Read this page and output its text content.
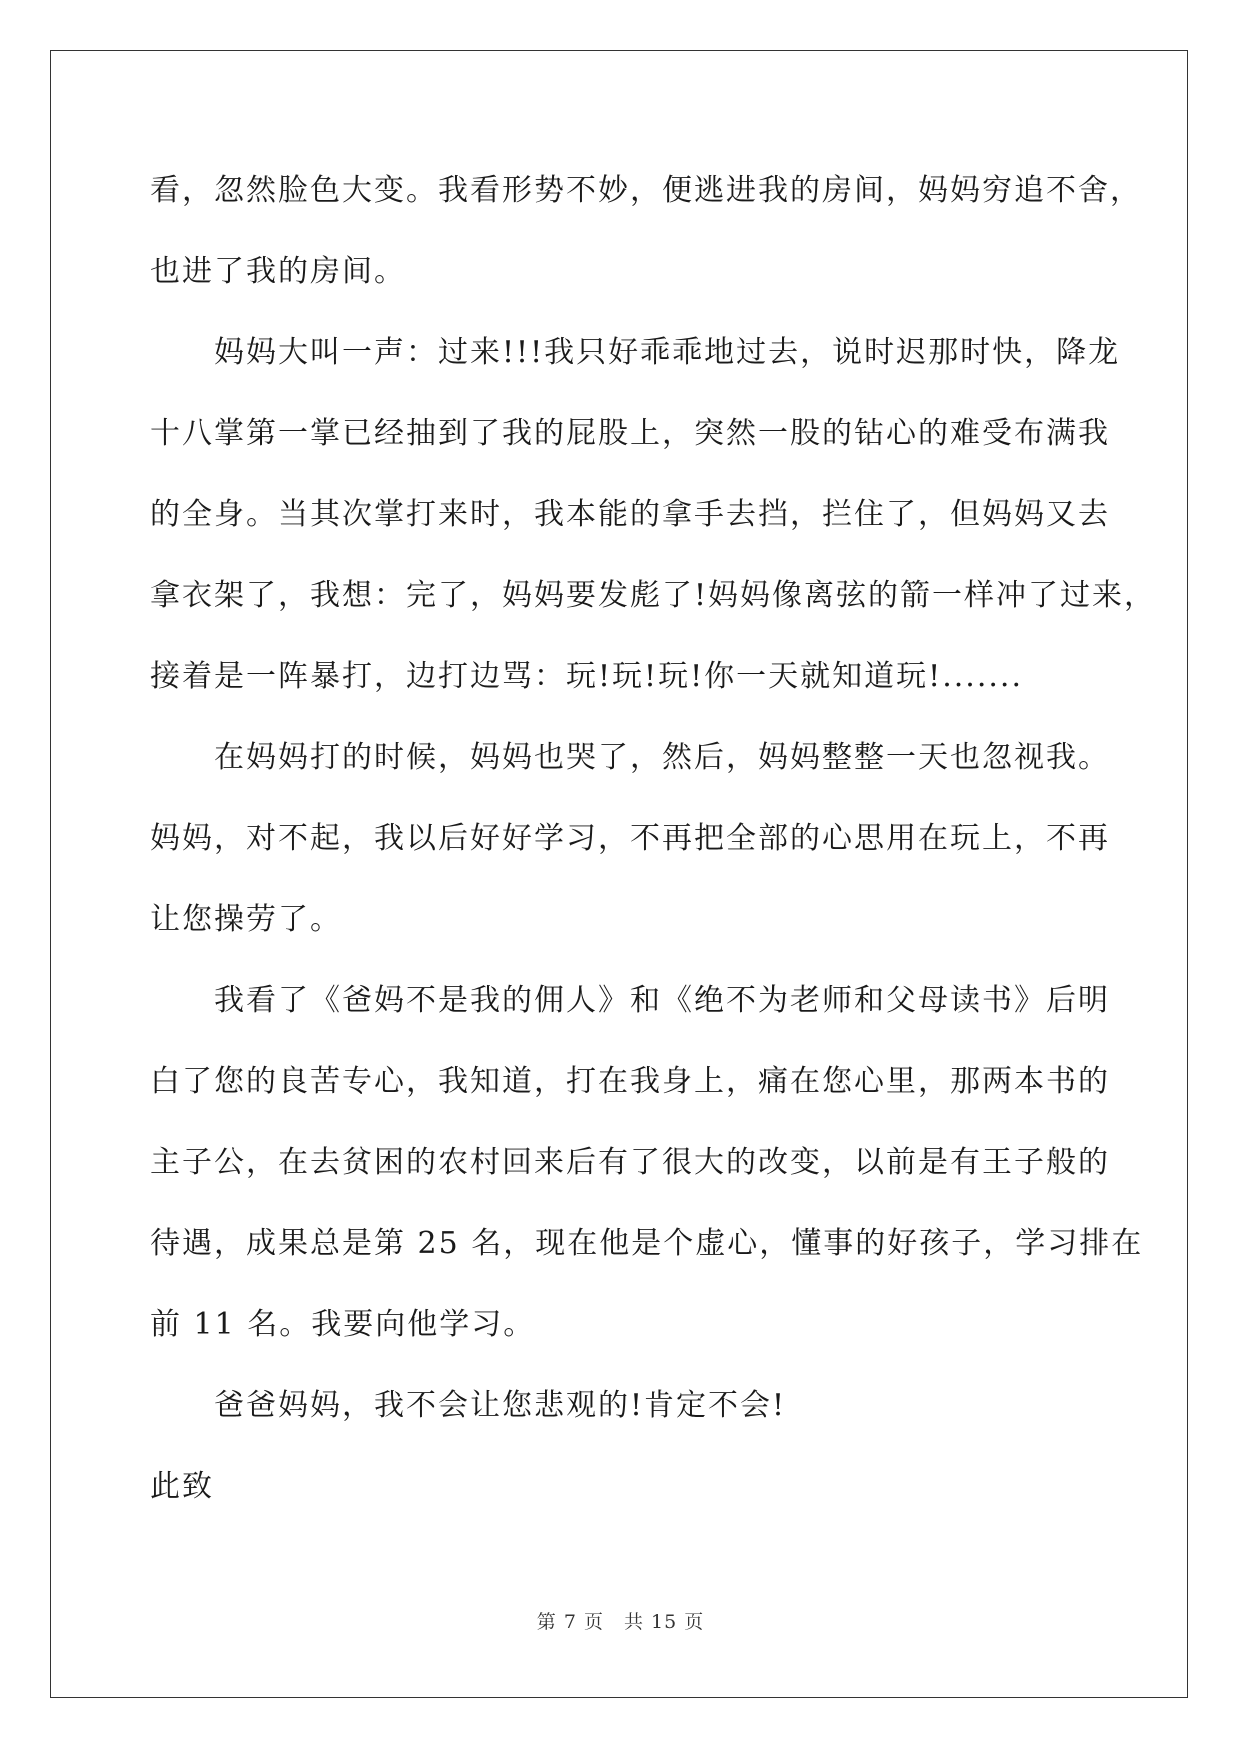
看，忽然脸色大变。我看形势不妙，便逃进我的房间，妈妈穷追不舍，

也进了我的房间。

妈妈大叫一声：过来!!!我只好乖乖地过去，说时迟那时快，降龙

十八掌第一掌已经抽到了我的屁股上，突然一股的钻心的难受布满我

的全身。当其次掌打来时，我本能的拿手去挡，拦住了，但妈妈又去

拿衣架了，我想：完了，妈妈要发彪了!妈妈像离弦的箭一样冲了过来，

接着是一阵暴打，边打边骂：玩!玩!玩!你一天就知道玩!.......

在妈妈打的时候，妈妈也哭了，然后，妈妈整整一天也忽视我。

妈妈，对不起，我以后好好学习，不再把全部的心思用在玩上，不再

让您操劳了。

我看了《爸妈不是我的佣人》和《绝不为老师和父母读书》后明

白了您的良苦专心，我知道，打在我身上，痛在您心里，那两本书的

主子公，在去贫困的农村回来后有了很大的改变，以前是有王子般的

待遇，成果总是第 25 名，现在他是个虚心，懂事的好孩子，学习排在

前 11 名。我要向他学习。

爸爸妈妈，我不会让您悲观的!肯定不会!

此致

第 7 页 共 15 页
